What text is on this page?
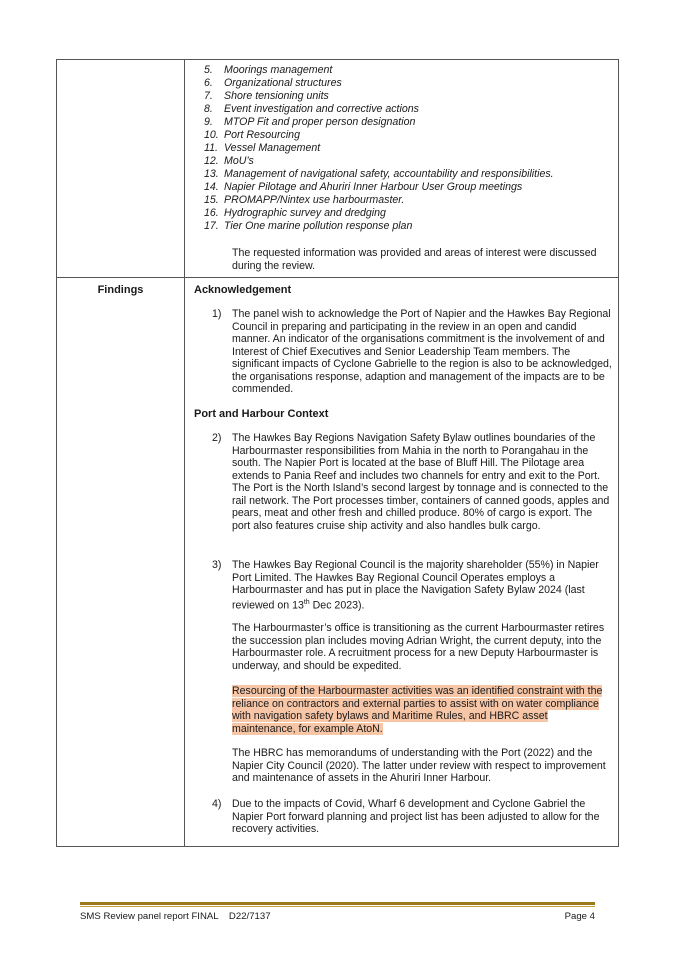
5.	Moorings management
6.	Organizational structures
7.	Shore tensioning units
8.	Event investigation and corrective actions
9.	MTOP Fit and proper person designation
10. Port Resourcing
11. Vessel Management
12. MoU’s
13. Management of navigational safety, accountability and responsibilities.
14. Napier Pilotage and Ahuriri Inner Harbour User Group meetings
15. PROMAPP/Nintex use harbourmaster.
16. Hydrographic survey and dredging
17. Tier One marine pollution response plan
The requested information was provided and areas of interest were discussed during the review.
Findings	Acknowledgement
1) The panel wish to acknowledge the Port of Napier and the Hawkes Bay Regional Council in preparing and participating in the review in an open and candid manner. An indicator of the organisations commitment is the involvement of and Interest of Chief Executives and Senior Leadership Team members. The significant impacts of Cyclone Gabrielle to the region is also to be acknowledged, the organisations response, adaption and management of the impacts are to be commended.
Port and Harbour Context
2) The Hawkes Bay Regions Navigation Safety Bylaw outlines boundaries of the Harbourmaster responsibilities from Mahia in the north to Porangahau in the south. The Napier Port is located at the base of Bluff Hill. The Pilotage area extends to Pania Reef and includes two channels for entry and exit to the Port. The Port is the North Island’s second largest by tonnage and is connected to the rail network. The Port processes timber, containers of canned goods, apples and pears, meat and other fresh and chilled produce. 80% of cargo is export. The port also features cruise ship activity and also handles bulk cargo.
3) The Hawkes Bay Regional Council is the majority shareholder (55%) in Napier Port Limited. The Hawkes Bay Regional Council Operates employs a Harbourmaster and has put in place the Navigation Safety Bylaw 2024 (last reviewed on 13th Dec 2023).
The Harbourmaster’s office is transitioning as the current Harbourmaster retires the succession plan includes moving Adrian Wright, the current deputy, into the Harbourmaster role. A recruitment process for a new Deputy Harbourmaster is underway, and should be expedited.
Resourcing of the Harbourmaster activities was an identified constraint with the reliance on contractors and external parties to assist with on water compliance with navigation safety bylaws and Maritime Rules, and HBRC asset maintenance, for example AtoN.
The HBRC has memorandums of understanding with the Port (2022) and the Napier City Council (2020). The latter under review with respect to improvement and maintenance of assets in the Ahuriri Inner Harbour.
4) Due to the impacts of Covid, Wharf 6 development and Cyclone Gabriel the Napier Port forward planning and project list has been adjusted to allow for the recovery activities.
SMS Review panel report FINAL    D22/7137	Page 4
